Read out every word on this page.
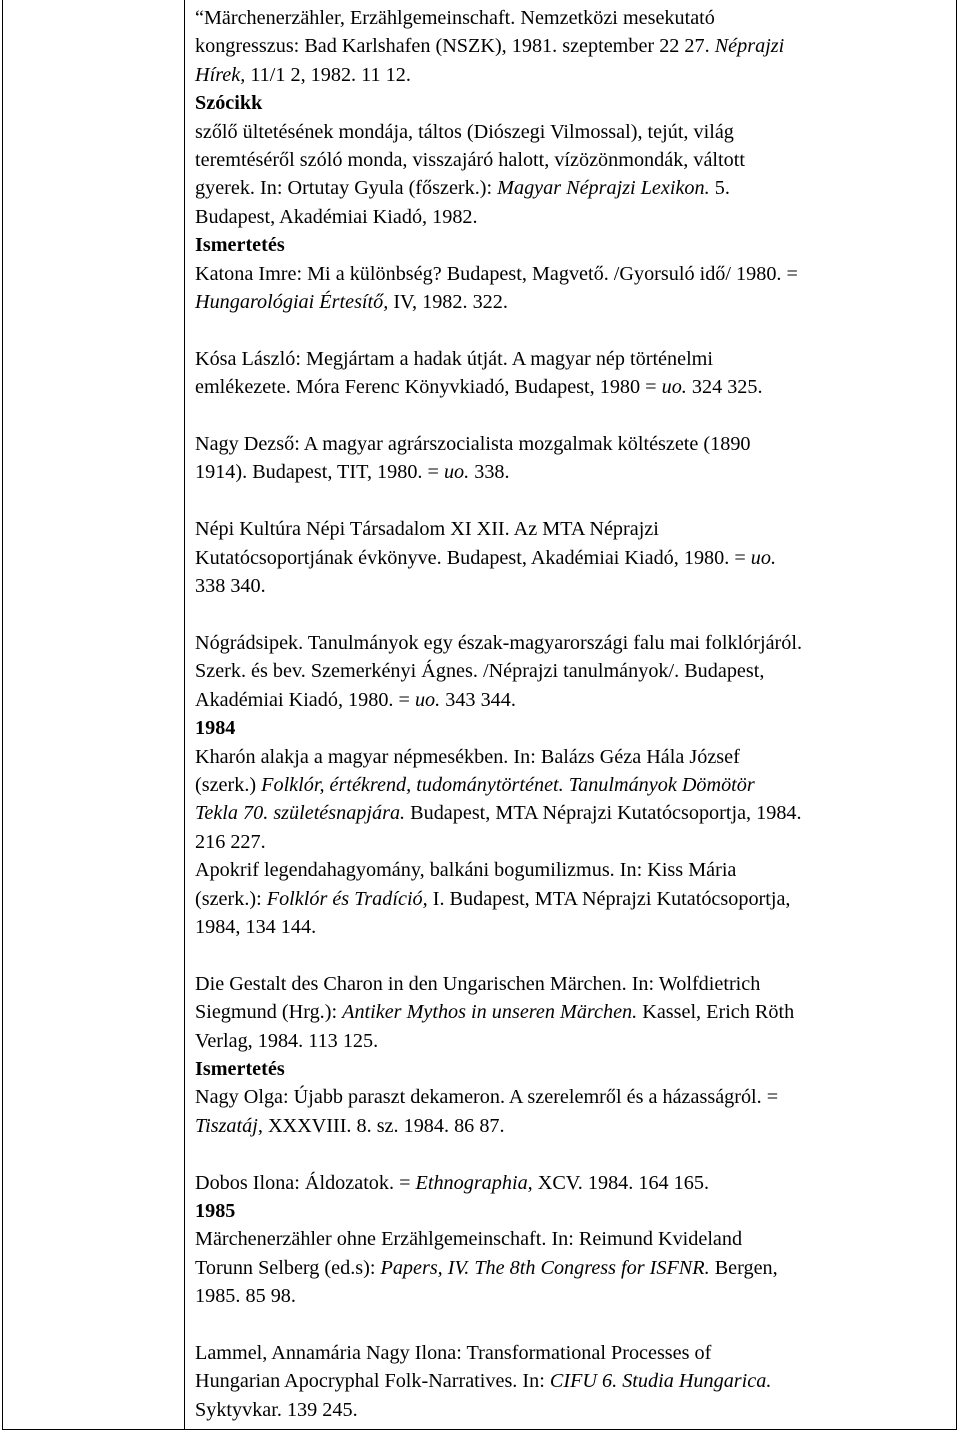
“Märchenerzähler, Erzählgemeinschaft. Nemzetközi mesekutató
kongresszus: Bad Karlshafen (NSZK), 1981. szeptember 22 27. Néprajzi
Hírek, 11/1 2, 1982. 11 12.
Szócikk
szőlő ültetésének mondája, táltos (Diószegi Vilmossal), tejút, világ
teremtéséről szóló monda, visszajáró halott, vízözönmondák, váltott
gyerek. In: Ortutay Gyula (főszerk.): Magyar Néprajzi Lexikon. 5.
Budapest, Akadémiai Kiadó, 1982.
Ismertetés
Katona Imre: Mi a különbség? Budapest, Magvető. /Gyorsuló idő/ 1980. =
Hungarológiai Értesítő, IV, 1982. 322.
Kósa László: Megjártam a hadak útját. A magyar nép történelmi
emlékezete. Móra Ferenc Könyvkiadó, Budapest, 1980 = uo. 324 325.
Nagy Dezső: A magyar agrárszocialista mozgalmak költészete (1890
1914). Budapest, TIT, 1980. = uo. 338.
Népi Kultúra Népi Társadalom XI XII. Az MTA Néprajzi
Kutatócsoportjának évkönyve. Budapest, Akadémiai Kiadó, 1980. = uo.
338 340.
Nógrádsipek. Tanulmányok egy észak-magyarországi falu mai folklórjáról.
Szerk. és bev. Szemerkényi Ágnes. /Néprajzi tanulmányok/. Budapest,
Akadémiai Kiadó, 1980. = uo. 343 344.
1984
Kharón alakja a magyar népmesékben. In: Balázs Géza Hála József
(szerk.) Folklór, értékrend, tudománytörténet. Tanulmányok Dömötör
Tekla 70. születésnapjára. Budapest, MTA Néprajzi Kutatócsoportja, 1984.
216 227.
Apokrif legendahagyomány, balkáni bogumilizmus. In: Kiss Mária
(szerk.): Folklór és Tradíció, I. Budapest, MTA Néprajzi Kutatócsoportja,
1984, 134 144.
Die Gestalt des Charon in den Ungarischen Märchen. In: Wolfdietrich
Siegmund (Hrg.): Antiker Mythos in unseren Märchen. Kassel, Erich Röth
Verlag, 1984. 113 125.
Ismertetés
Nagy Olga: Újabb paraszt dekameron. A szerelemről és a házasságról. =
Tiszatáj, XXXVIII. 8. sz. 1984. 86 87.
Dobos Ilona: Áldozatok. = Ethnographia, XCV. 1984. 164 165.
1985
Märchenerzähler ohne Erzählgemeinschaft. In: Reimund Kvideland
Torunn Selberg (ed.s): Papers, IV. The 8th Congress for ISFNR. Bergen,
1985. 85 98.
Lammel, Annamária Nagy Ilona: Transformational Processes of
Hungarian Apocryphal Folk-Narratives. In: CIFU 6. Studia Hungarica.
Syktyvkar. 139 245.
